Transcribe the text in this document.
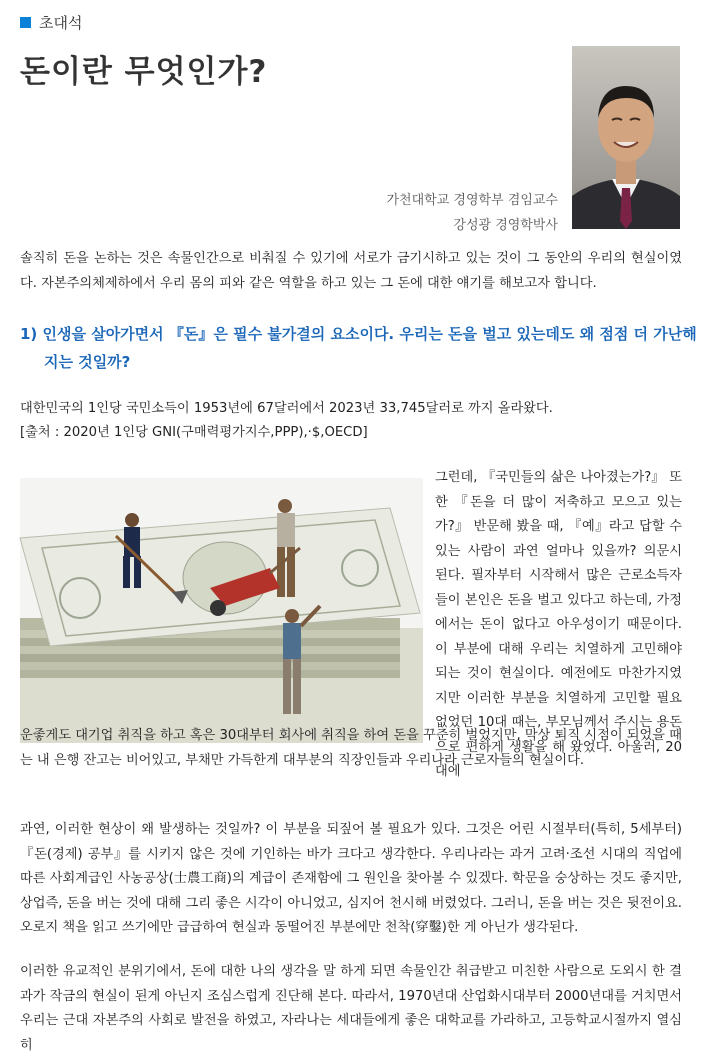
초대석
돈이란 무엇인가?
가천대학교 경영학부 겸임교수
강성광 경영학박사

솔직히 돈을 논하는 것은 속물인간으로 비춰질 수 있기에 서로가 금기시하고 있는 것이 그 동안의 우리의 현실이였다. 자본주의체제하에서 우리 몸의 피와 같은 역할을 하고 있는 그 돈에 대한 얘기를 해보고자 합니다.

1) 인생을 살아가면서 『돈』은 필수 불가결의 요소이다. 우리는 돈을 벌고 있는데도 왜 점점 더 가난해지는 것일까?

대한민국의 1인당 국민소득이 1953년에 67달러에서 2023년 33,745달러로 까지 올라왔다.

[출처 : 2020년 1인당 GNI(구매력평가지수,PPP),·$,OECD]

그런데, 『국민들의 삶은 나아졌는가?』 또한 『돈을 더 많이 저축하고 모으고 있는가?』 반문해 봤을 때, 『예』라고 답할 수 있는 사람이 과연 얼마나 있을까? 의문시 된다. 필자부터 시작해서 많은 근로소득자들이 본인은 돈을 벌고 있다고 하는데, 가정에서는 돈이 없다고 아우성이기 때문이다. 이 부분에 대해 우리는 치열하게 고민해야 되는 것이 현실이다. 예전에도 마찬가지였지만 이러한 부분을 치열하게 고민할 필요 없었던 10대 때는, 부모님께서 주시는 용돈으로 편하게 생활을 해 왔었다. 아울러, 20대에

운좋게도 대기업 취직을 하고 혹은 30대부터 회사에 취직을 하여 돈을 꾸준히 벌었지만, 막상 퇴직 시점이 되었을 때는 내 은행 잔고는 비어있고, 부채만 가득한게 대부분의 직장인들과 우리나라 근로자들의 현실이다.

과연, 이러한 현상이 왜 발생하는 것일까? 이 부분을 되짚어 볼 필요가 있다. 그것은 어린 시절부터(특히, 5세부터) 『돈(경제) 공부』를 시키지 않은 것에 기인하는 바가 크다고 생각한다. 우리나라는 과거 고려·조선 시대의 직업에 따른 사회계급인 사농공상(士農工商)의 계급이 존재함에 그 원인을 찾아볼 수 있겠다. 학문을 숭상하는 것도 좋지만, 상업즉, 돈을 버는 것에 대해 그리 좋은 시각이 아니었고, 심지어 천시해 버렸었다. 그러니, 돈을 버는 것은 뒷전이요. 오로지 책을 읽고 쓰기에만 급급하여 현실과 동떨어진 부분에만 천착(穿鑿)한 게 아닌가 생각된다.

이러한 유교적인 분위기에서, 돈에 대한 나의 생각을 말 하게 되면 속물인간 취급받고 미친한 사람으로 도외시 한 결과가 작금의 현실이 된게 아닌지 조심스럽게 진단해 본다. 따라서, 1970년대 산업화시대부터 2000년대를 거치면서 우리는 근대 자본주의 사회로 발전을 하였고, 자라나는 세대들에게 좋은 대학교를 가라하고, 고등학교시절까지 열심히
